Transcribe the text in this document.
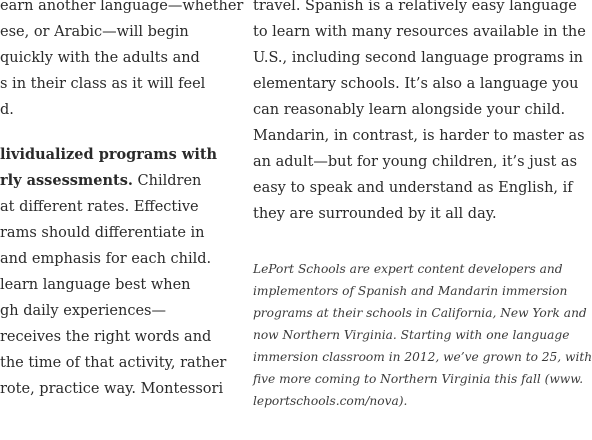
earn another language—whether
ese, or Arabic—will begin
quickly with the adults and
s in their class as it will feel
d.
lividualized programs with
rly assessments. Children
at different rates. Effective
rams should differentiate in
and emphasis for each child.
learn language best when
gh daily experiences—
receives the right words and
the time of that activity, rather
rote, practice way. Montessori
travel. Spanish is a relatively easy language
to learn with many resources available in the
U.S., including second language programs in
elementary schools. It’s also a language you
can reasonably learn alongside your child.
Mandarin, in contrast, is harder to master as
an adult—but for young children, it’s just as
easy to speak and understand as English, if
they are surrounded by it all day.
LePort Schools are expert content developers and
implementors of Spanish and Mandarin immersion
programs at their schools in California, New York and
now Northern Virginia. Starting with one language
immersion classroom in 2012, we’ve grown to 25, with
five more coming to Northern Virginia this fall (www.
leportschools.com/nova).
